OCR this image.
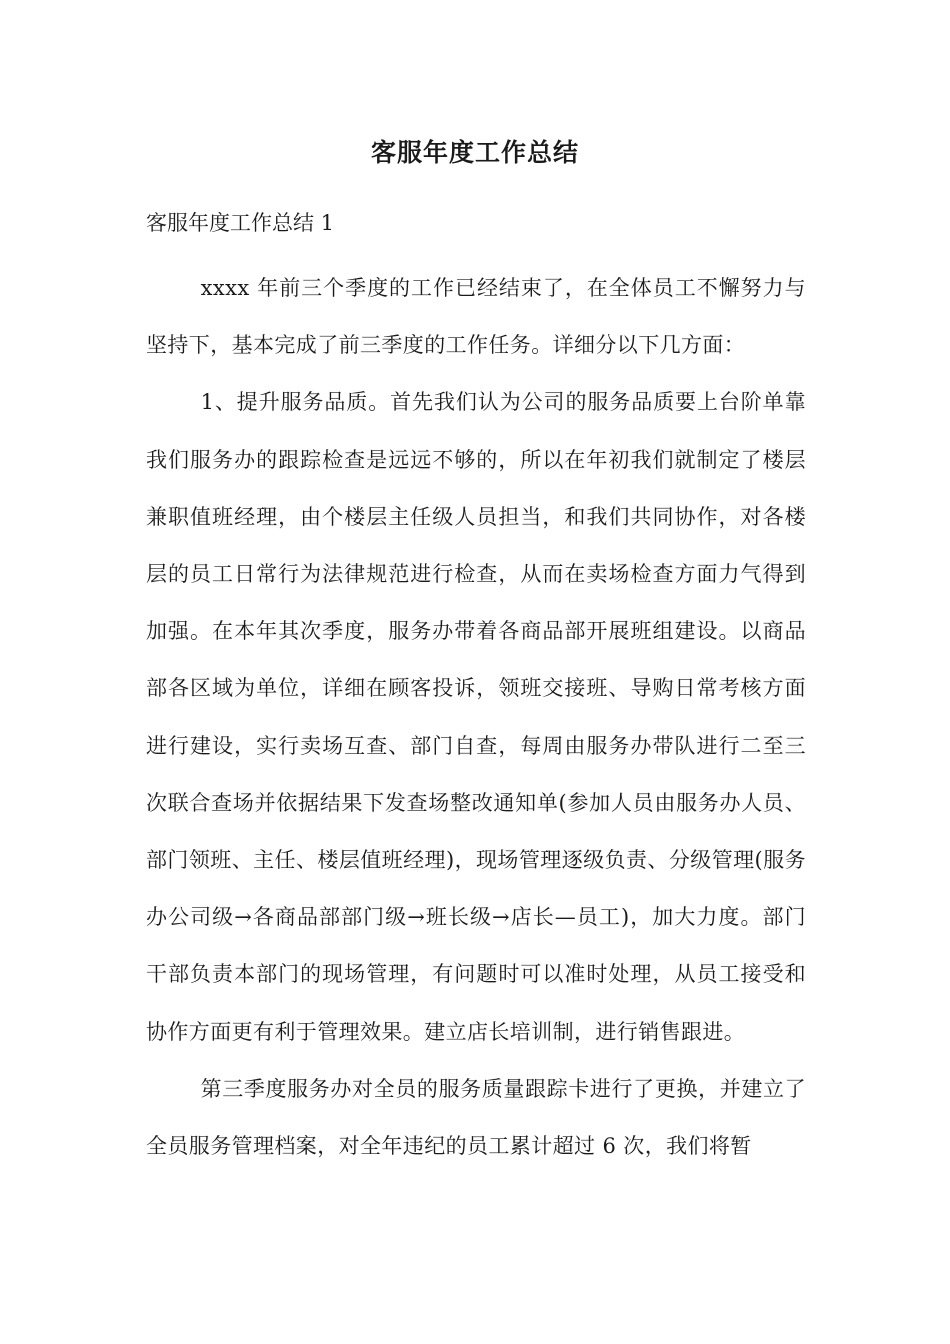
客服年度工作总结

客服年度工作总结 1

xxxx 年前三个季度的工作已经结束了，在全体员工不懈努力与坚持下，基本完成了前三季度的工作任务。详细分以下几方面：

1、提升服务品质。首先我们认为公司的服务品质要上台阶单靠我们服务办的跟踪检查是远远不够的，所以在年初我们就制定了楼层兼职值班经理，由个楼层主任级人员担当，和我们共同协作，对各楼层的员工日常行为法律规范进行检查，从而在卖场检查方面力气得到加强。在本年其次季度，服务办带着各商品部开展班组建设。以商品部各区域为单位，详细在顾客投诉，领班交接班、导购日常考核方面进行建设，实行卖场互查、部门自查，每周由服务办带队进行二至三次联合查场并依据结果下发查场整改通知单(参加人员由服务办人员、部门领班、主任、楼层值班经理)，现场管理逐级负责、分级管理(服务办公司级→各商品部部门级→班长级→店长—员工)，加大力度。部门干部负责本部门的现场管理，有问题时可以准时处理，从员工接受和协作方面更有利于管理效果。建立店长培训制，进行销售跟进。

第三季度服务办对全员的服务质量跟踪卡进行了更换，并建立了全员服务管理档案，对全年违纪的员工累计超过 6 次，我们将暂
